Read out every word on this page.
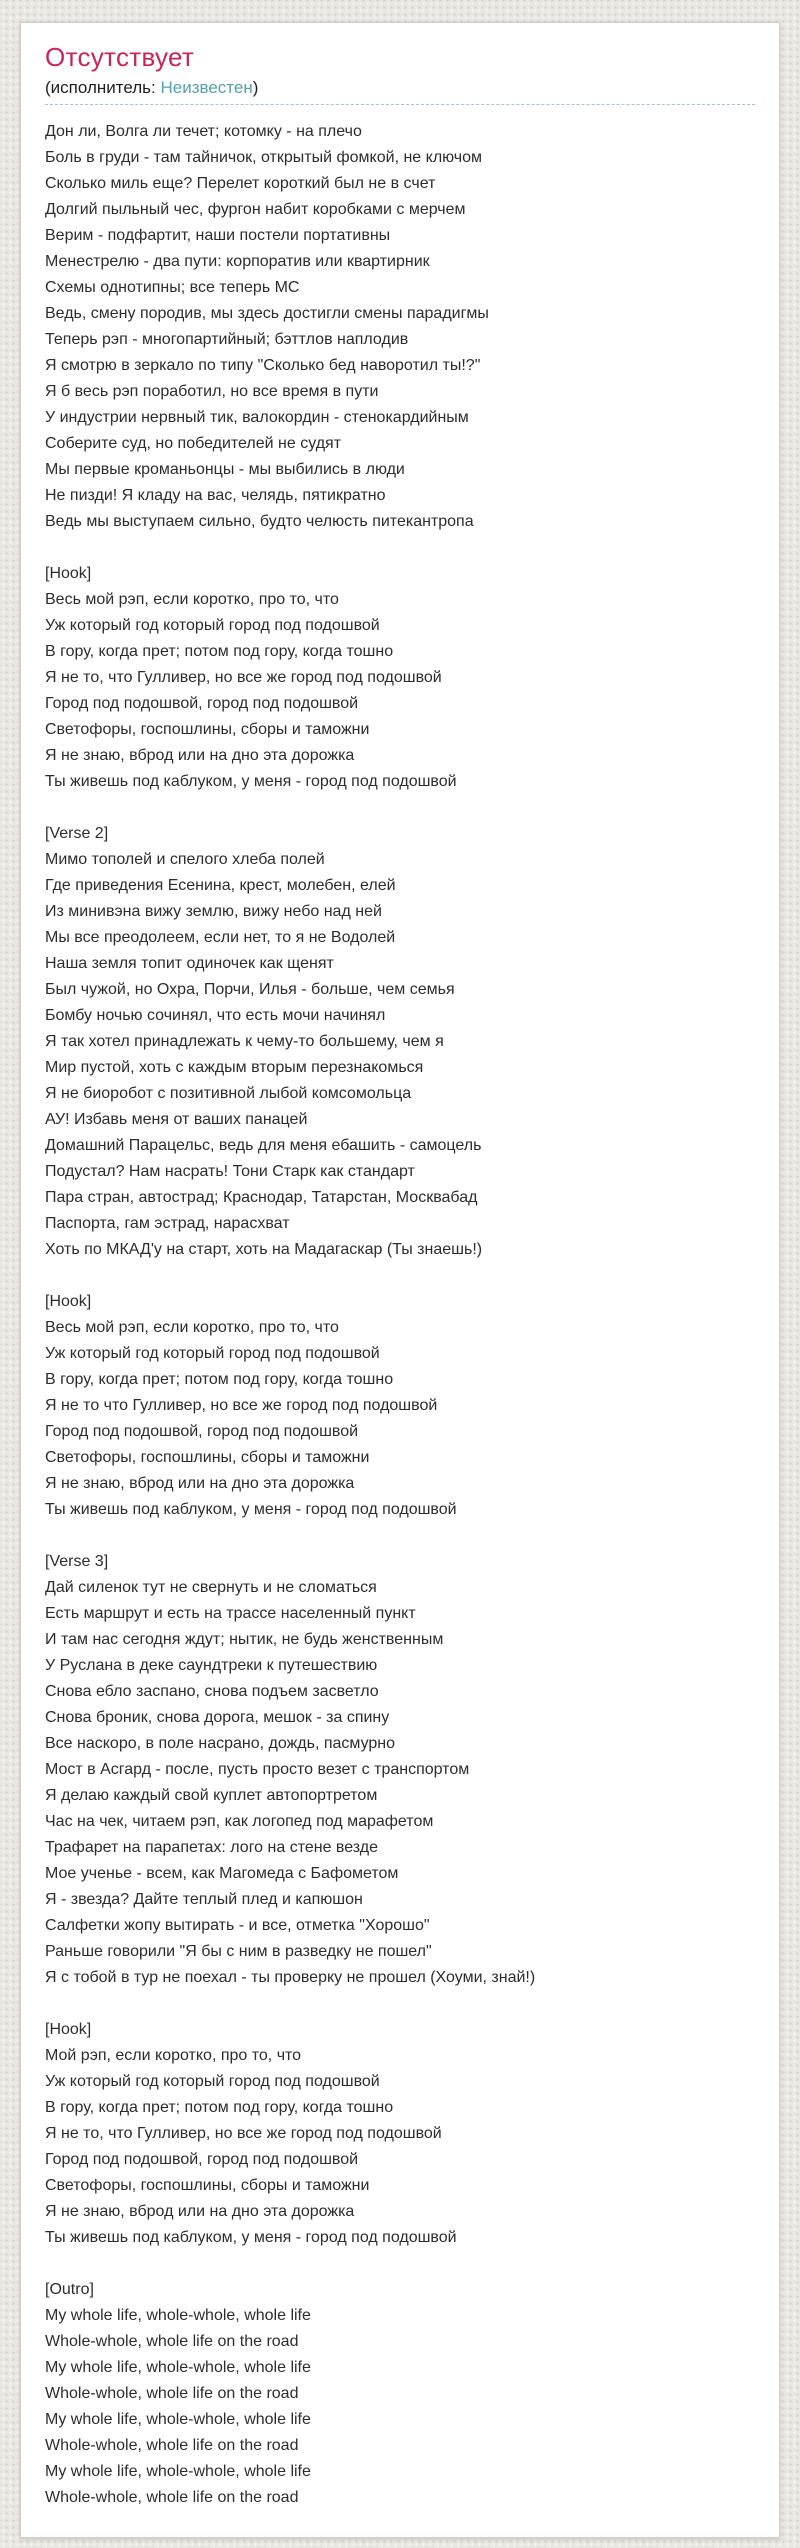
Отсутствует
(исполнитель: Неизвестен)
Дон ли, Волга ли течет; котомку - на плечо
Боль в груди - там тайничок, открытый фомкой, не ключом
Сколько миль еще? Перелет короткий был не в счет
Долгий пыльный чес, фургон набит коробками с мерчем
Верим - подфартит, наши постели портативны
Менестрелю - два пути: корпоратив или квартирник
Схемы однотипны; все теперь MC
Ведь, смену породив, мы здесь достигли смены парадигмы
Теперь рэп - многопартийный; бэттлов наплодив
Я смотрю в зеркало по типу "Сколько бед наворотил ты!?"
Я б весь рэп поработил, но все время в пути
У индустрии нервный тик, валокордин - стенокардийным
Соберите суд, но победителей не судят
Мы первые кроманьонцы - мы выбились в люди
Не пизди! Я кладу на вас, челядь, пятикратно
Ведь мы выступаем сильно, будто челюсть питекантропа
[Hook]
Весь мой рэп, если коротко, про то, что
Уж который год который город под подошвой
В гору, когда прет; потом под гору, когда тошно
Я не то, что Гулливер, но все же город под подошвой
Город под подошвой, город под подошвой
Светофоры, госпошлины, сборы и таможни
Я не знаю, вброд или на дно эта дорожка
Ты живешь под каблуком, у меня - город под подошвой
[Verse 2]
Мимо тополей и спелого хлеба полей
Где приведения Есенина, крест, молебен, елей
Из минивэна вижу землю, вижу небо над ней
Мы все преодолеем, если нет, то я не Водолей
Наша земля топит одиночек как щенят
Был чужой, но Охра, Порчи, Илья - больше, чем семья
Бомбу ночью сочинял, что есть мочи начинял
Я так хотел принадлежать к чему-то большему, чем я
Мир пустой, хоть с каждым вторым перезнакомься
Я не биоробот с позитивной лыбой комсомольца
АУ! Избавь меня от ваших панацей
Домашний Парацельс, ведь для меня ебашить - самоцель
Подустал? Нам насрать! Тони Старк как стандарт
Пара стран, автострад; Краснодар, Татарстан, Москвабад
Паспорта, гам эстрад, нарасхват
Хоть по МКАД'у на старт, хоть на Мадагаскар (Ты знаешь!)
[Hook]
Весь мой рэп, если коротко, про то, что
Уж который год который город под подошвой
В гору, когда прет; потом под гору, когда тошно
Я не то что Гулливер, но все же город под подошвой
Город под подошвой, город под подошвой
Светофоры, госпошлины, сборы и таможни
Я не знаю, вброд или на дно эта дорожка
Ты живешь под каблуком, у меня - город под подошвой
[Verse 3]
Дай силенок тут не свернуть и не сломаться
Есть маршрут и есть на трассе населенный пункт
И там нас сегодня ждут; нытик, не будь женственным
У Руслана в деке саундтреки к путешествию
Снова ебло заспано, снова подъем засветло
Снова броник, снова дорога, мешок - за спину
Все наскоро, в поле насрано, дождь, пасмурно
Мост в Асгард - после, пусть просто везет с транспортом
Я делаю каждый свой куплет автопортретом
Час на чек, читаем рэп, как логопед под марафетом
Трафарет на парапетах: лого на стене везде
Мое ученье - всем, как Магомеда с Бафометом
Я - звезда? Дайте теплый плед и капюшон
Салфетки жопу вытирать - и все, отметка "Хорошо"
Раньше говорили "Я бы с ним в разведку не пошел"
Я с тобой в тур не поехал - ты проверку не прошел (Хоуми, знай!)
[Hook]
Мой рэп, если коротко, про то, что
Уж который год который город под подошвой
В гору, когда прет; потом под гору, когда тошно
Я не то, что Гулливер, но все же город под подошвой
Город под подошвой, город под подошвой
Светофоры, госпошлины, сборы и таможни
Я не знаю, вброд или на дно эта дорожка
Ты живешь под каблуком, у меня - город под подошвой
[Outro]
My whole life, whole-whole, whole life
Whole-whole, whole life on the road
My whole life, whole-whole, whole life
Whole-whole, whole life on the road
My whole life, whole-whole, whole life
Whole-whole, whole life on the road
My whole life, whole-whole, whole life
Whole-whole, whole life on the road
